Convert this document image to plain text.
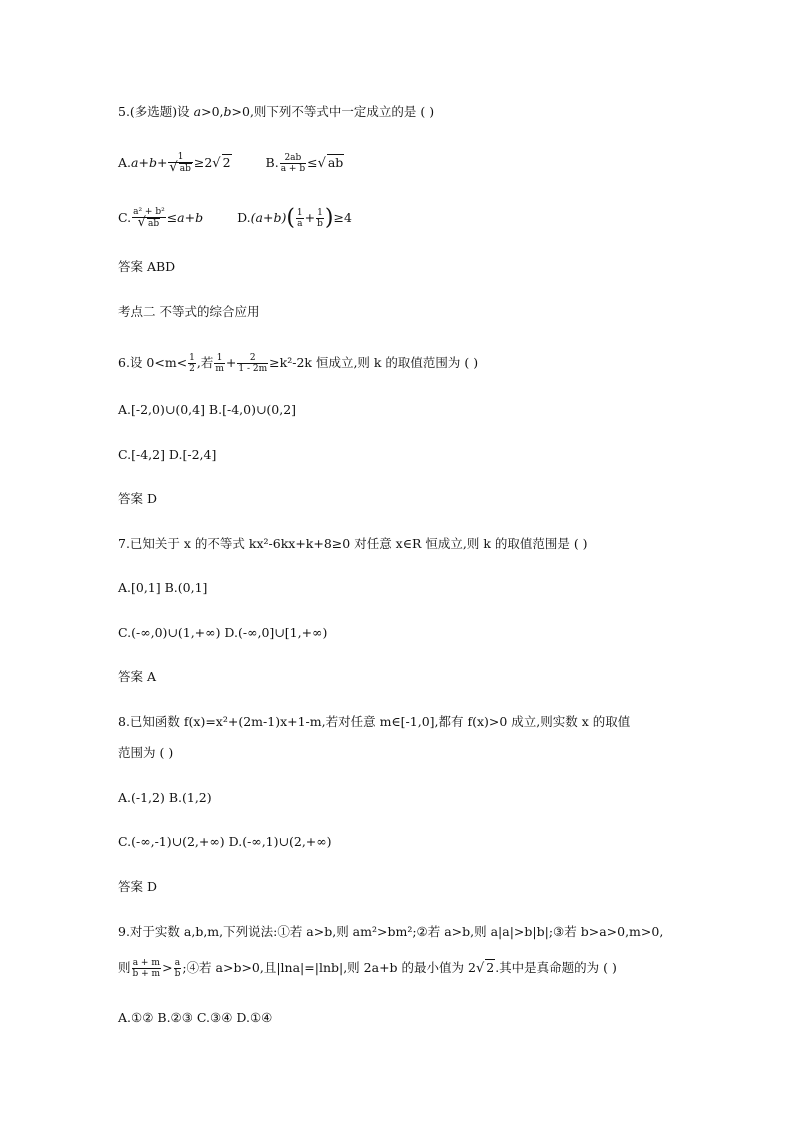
5.(多选题)设 a>0,b>0,则下列不等式中一定成立的是 ( )
$A.a+b+ \frac{1}{√ ab} \ge 2√$ 2	B. $\frac{2ab}{a + b}$ ≤√ ab
C. $\frac{\text{a² + b²}}{√ ab} \le a+b$	$D.(a+b)( \frac{1}{a} + \frac{1}{b} )\ge 4$
答案 ABD
考点二 不等式的综合应用
6.设 $0<m< \frac{1}{2}$ ,若 $\frac{1}{m} + \frac{2}{1 - 2m} \ge k^2-2k$ 恒成立,则 k 的取值范围为 ( )
A.[-2,0)∪(0,4] B.[-4,0)∪(0,2]
C.[-4,2] D.[-2,4]
答案 D
7.已知关于 x 的不等式 kx²-6kx+k+8≥0 对任意 x∈R 恒成立,则 k 的取值范围是 ( )
A.[0,1] B.(0,1]
C.(-∞,0)∪(1,+∞) D.(-∞,0]∪[1,+∞)
答案 A
8.已知函数 f(x)=x²+(2m-1)x+1-m,若对任意 m∈[-1,0],都有 f(x)>0 成立,则实数 x 的取值
范围为 ( )
A.(-1,2) B.(1,2)
C.(-∞,-1)∪(2,+∞) D.(-∞,1)∪(2,+∞)
答案 D
9.对于实数 a,b,m,下列说法:①若 a>b,则 am²>bm²;②若 a>b,则 a|a|>b|b|;③若 b>a>0,m>0,
则 $\frac{a + m}{b + m} > \frac{a}{b}$ ;④若 a>b>0,且|lna|=|lnb|,则 2a+b 的最小值为 2√ 2.其中是真命题的为 ( )
A.①② B.②③ C.③④ D.①④
